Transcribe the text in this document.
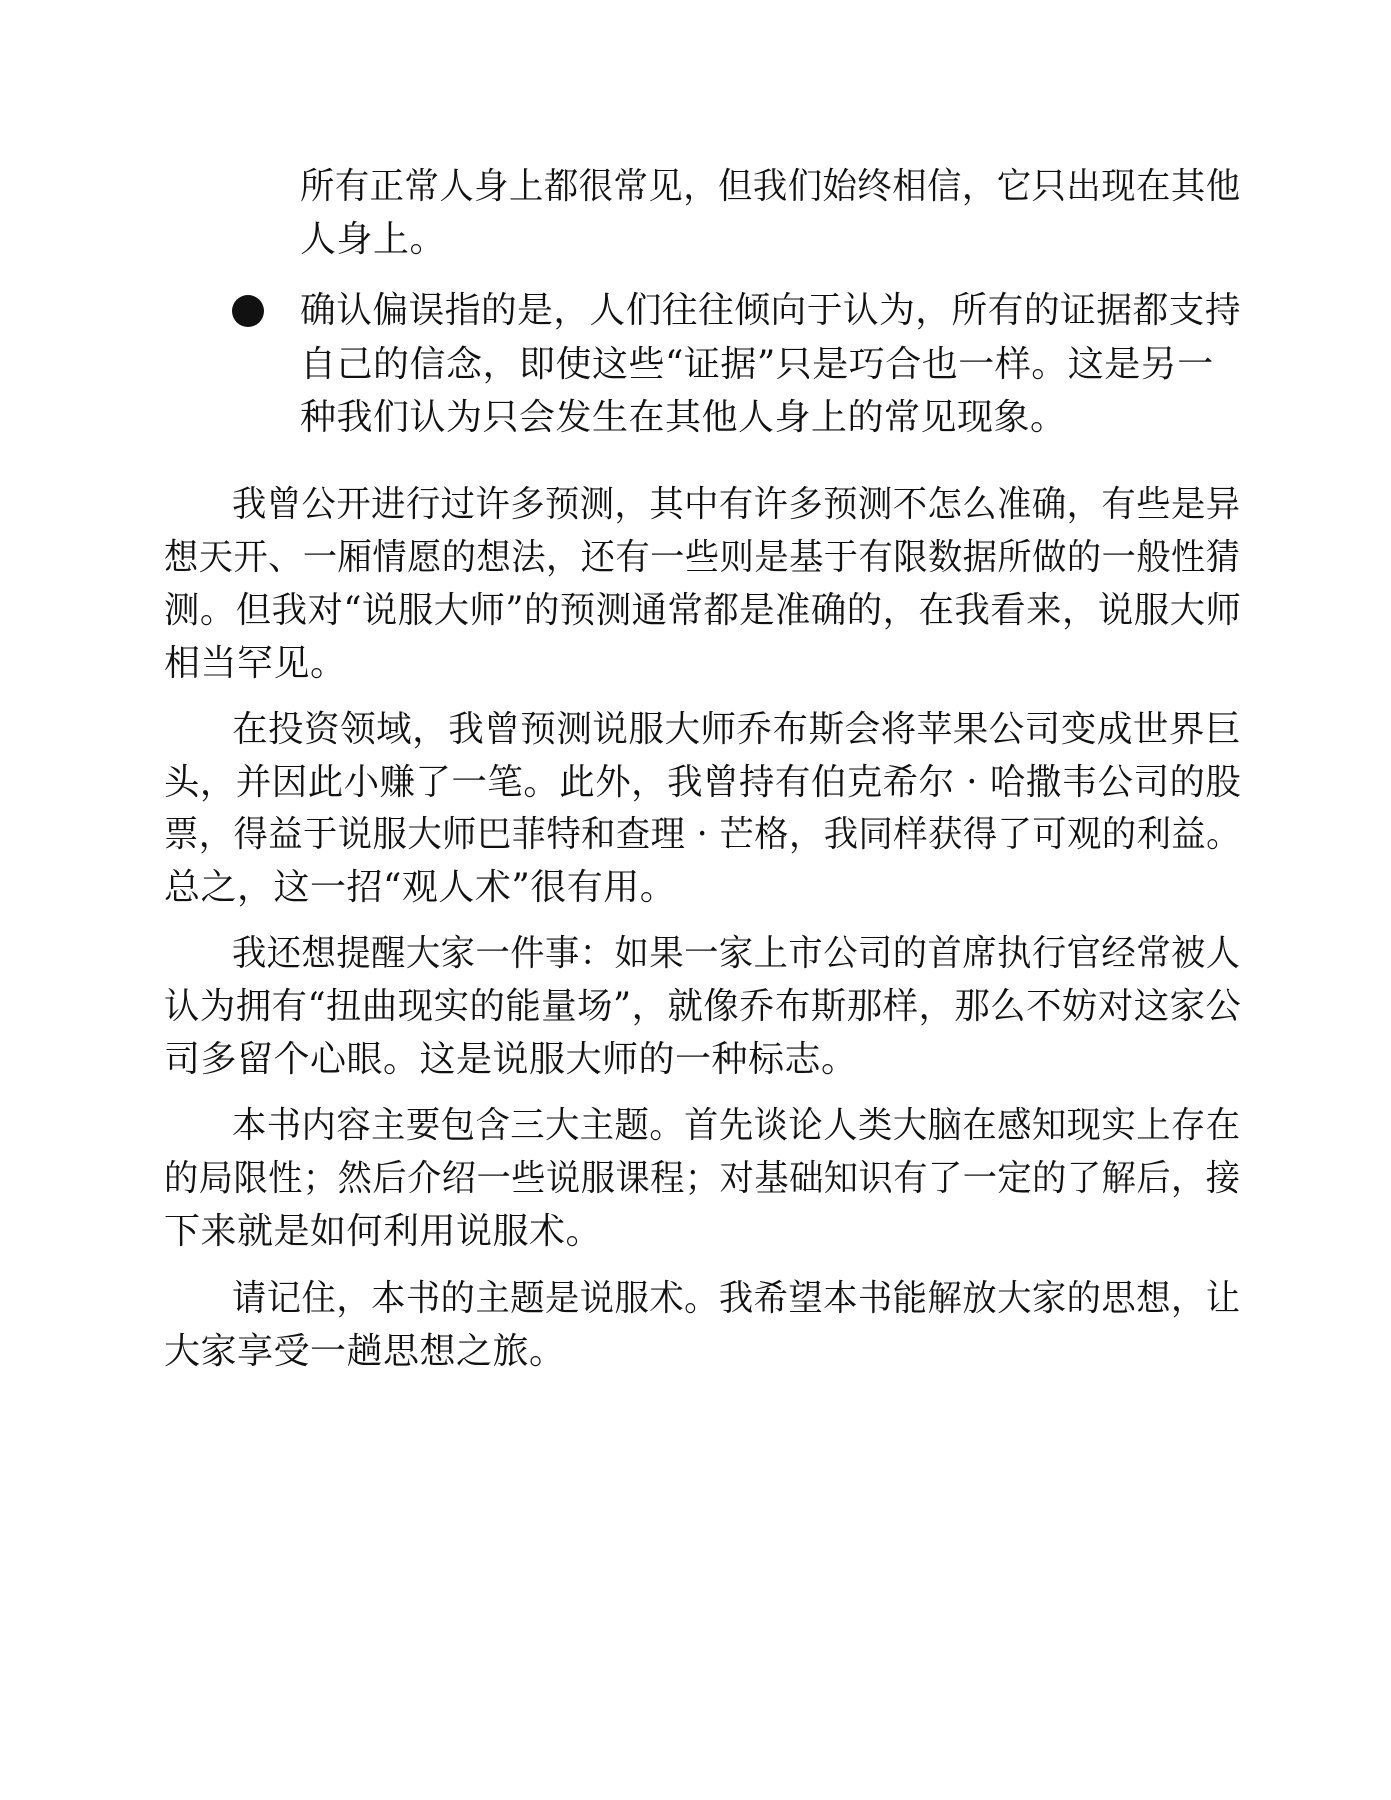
所有正常人身上都很常见，但我们始终相信，它只出现在其他
人身上。
确认偏误指的是，人们往往倾向于认为，所有的证据都支持
自己的信念，即使这些“证据”只是巧合也一样。这是另一
种我们认为只会发生在其他人身上的常见现象。
我曾公开进行过许多预测，其中有许多预测不怎么准确，有些是异
想天开、一厢情愿的想法，还有一些则是基于有限数据所做的一般性猜
测。但我对“说服大师”的预测通常都是准确的，在我看来，说服大师
相当罕见。
在投资领域，我曾预测说服大师乔布斯会将苹果公司变成世界巨
头，并因此小赚了一笔。此外，我曾持有伯克希尔 · 哈撒韦公司的股
票，得益于说服大师巴菲特和查理 · 芒格，我同样获得了可观的利益。
总之，这一招“观人术”很有用。
我还想提醒大家一件事：如果一家上市公司的首席执行官经常被人
认为拥有“扭曲现实的能量场”，就像乔布斯那样，那么不妨对这家公
司多留个心眼。这是说服大师的一种标志。
本书内容主要包含三大主题。首先谈论人类大脑在感知现实上存在
的局限性；然后介绍一些说服课程；对基础知识有了一定的了解后，接
下来就是如何利用说服术。
请记住，本书的主题是说服术。我希望本书能解放大家的思想，让
大家享受一趟思想之旅。
